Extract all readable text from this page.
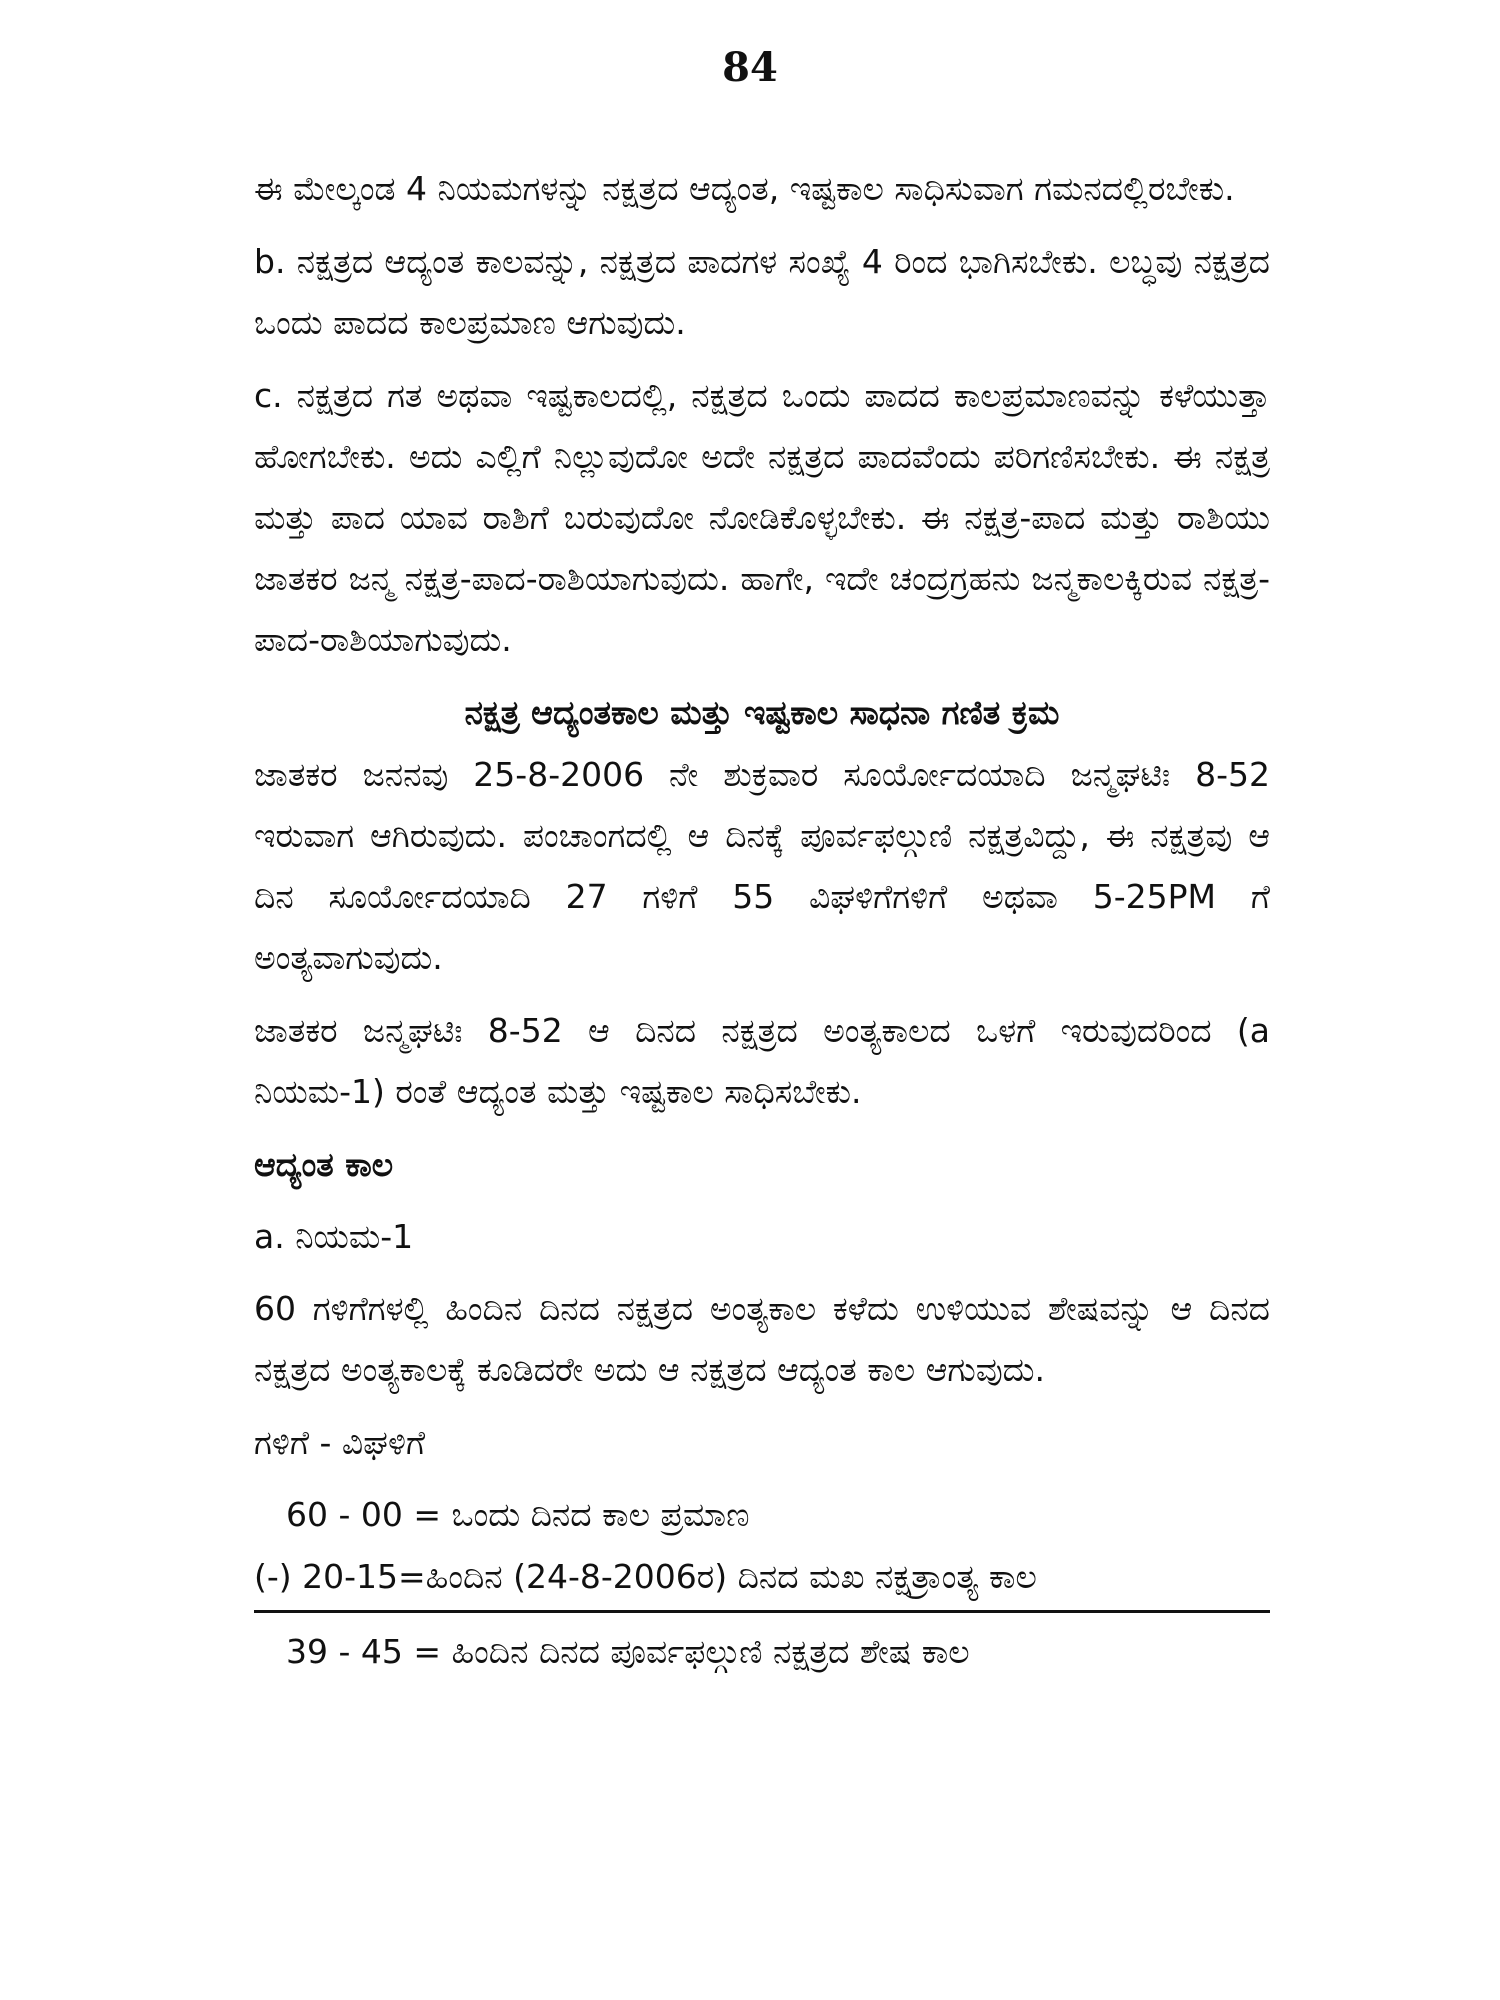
84

ಈ ಮೇಲ್ಕಂಡ 4 ನಿಯಮಗಳನ್ನು ನಕ್ಷತ್ರದ ಆದ್ಯಂತ, ಇಷ್ಟಕಾಲ ಸಾಧಿಸುವಾಗ ಗಮನದಲ್ಲಿರಬೇಕು.

b. ನಕ್ಷತ್ರದ ಆದ್ಯಂತ ಕಾಲವನ್ನು, ನಕ್ಷತ್ರದ ಪಾದಗಳ ಸಂಖ್ಯೆ 4 ರಿಂದ ಭಾಗಿಸಬೇಕು. ಲಬ್ಧವು ನಕ್ಷತ್ರದ ಒಂದು ಪಾದದ ಕಾಲಪ್ರಮಾಣ ಆಗುವುದು.

c. ನಕ್ಷತ್ರದ ಗತ ಅಥವಾ ಇಷ್ಟಕಾಲದಲ್ಲಿ, ನಕ್ಷತ್ರದ ಒಂದು ಪಾದದ ಕಾಲಪ್ರಮಾಣವನ್ನು ಕಳೆಯುತ್ತಾ ಹೋಗಬೇಕು. ಅದು ಎಲ್ಲಿಗೆ ನಿಲ್ಲುವುದೋ ಅದೇ ನಕ್ಷತ್ರದ ಪಾದವೆಂದು ಪರಿಗಣಿಸಬೇಕು. ಈ ನಕ್ಷತ್ರ ಮತ್ತು ಪಾದ ಯಾವ ರಾಶಿಗೆ ಬರುವುದೋ ನೋಡಿಕೊಳ್ಳಬೇಕು. ಈ ನಕ್ಷತ್ರ-ಪಾದ ಮತ್ತು ರಾಶಿಯು ಜಾತಕರ ಜನ್ಮ ನಕ್ಷತ್ರ-ಪಾದ-ರಾಶಿಯಾಗುವುದು. ಹಾಗೇ, ಇದೇ ಚಂದ್ರಗ್ರಹನು ಜನ್ಮಕಾಲಕ್ಕಿರುವ ನಕ್ಷತ್ರ-ಪಾದ-ರಾಶಿಯಾಗುವುದು.

ನಕ್ಷತ್ರ ಆದ್ಯಂತಕಾಲ ಮತ್ತು ಇಷ್ಟಕಾಲ ಸಾಧನಾ ಗಣಿತ ಕ್ರಮ

ಜಾತಕರ ಜನನವು 25-8-2006 ನೇ ಶುಕ್ರವಾರ ಸೂರ್ಯೋದಯಾದಿ ಜನ್ಮಘಟಿಃ 8-52 ಇರುವಾಗ ಆಗಿರುವುದು. ಪಂಚಾಂಗದಲ್ಲಿ ಆ ದಿನಕ್ಕೆ ಪೂರ್ವಫಲ್ಗುಣಿ ನಕ್ಷತ್ರವಿದ್ದು, ಈ ನಕ್ಷತ್ರವು ಆ ದಿನ ಸೂರ್ಯೋದಯಾದಿ 27 ಗಳಿಗೆ 55 ವಿಘಳಿಗೆಗಳಿಗೆ ಅಥವಾ 5-25PM ಗೆ ಅಂತ್ಯವಾಗುವುದು.

ಜಾತಕರ ಜನ್ಮಘಟಿಃ 8-52 ಆ ದಿನದ ನಕ್ಷತ್ರದ ಅಂತ್ಯಕಾಲದ ಒಳಗೆ ಇರುವುದರಿಂದ (a ನಿಯಮ-1) ರಂತೆ ಆದ್ಯಂತ ಮತ್ತು ಇಷ್ಟಕಾಲ ಸಾಧಿಸಬೇಕು.

ಆದ್ಯಂತ ಕಾಲ
a. ನಿಯಮ-1

60 ಗಳಿಗೆಗಳಲ್ಲಿ ಹಿಂದಿನ ದಿನದ ನಕ್ಷತ್ರದ ಅಂತ್ಯಕಾಲ ಕಳೆದು ಉಳಿಯುವ ಶೇಷವನ್ನು ಆ ದಿನದ ನಕ್ಷತ್ರದ ಅಂತ್ಯಕಾಲಕ್ಕೆ ಕೂಡಿದರೇ ಅದು ಆ ನಕ್ಷತ್ರದ ಆದ್ಯಂತ ಕಾಲ ಆಗುವುದು.

ಗಳಿಗೆ - ವಿಘಳಿಗೆ
60 - 00 = ಒಂದು ದಿನದ ಕಾಲ ಪ್ರಮಾಣ
(-) 20-15=ಹಿಂದಿನ (24-8-2006ರ) ದಿನದ ಮಖ ನಕ್ಷತ್ರಾಂತ್ಯ ಕಾಲ
39 - 45 = ಹಿಂದಿನ ದಿನದ ಪೂರ್ವಫಲ್ಗುಣಿ ನಕ್ಷತ್ರದ ಶೇಷ ಕಾಲ
